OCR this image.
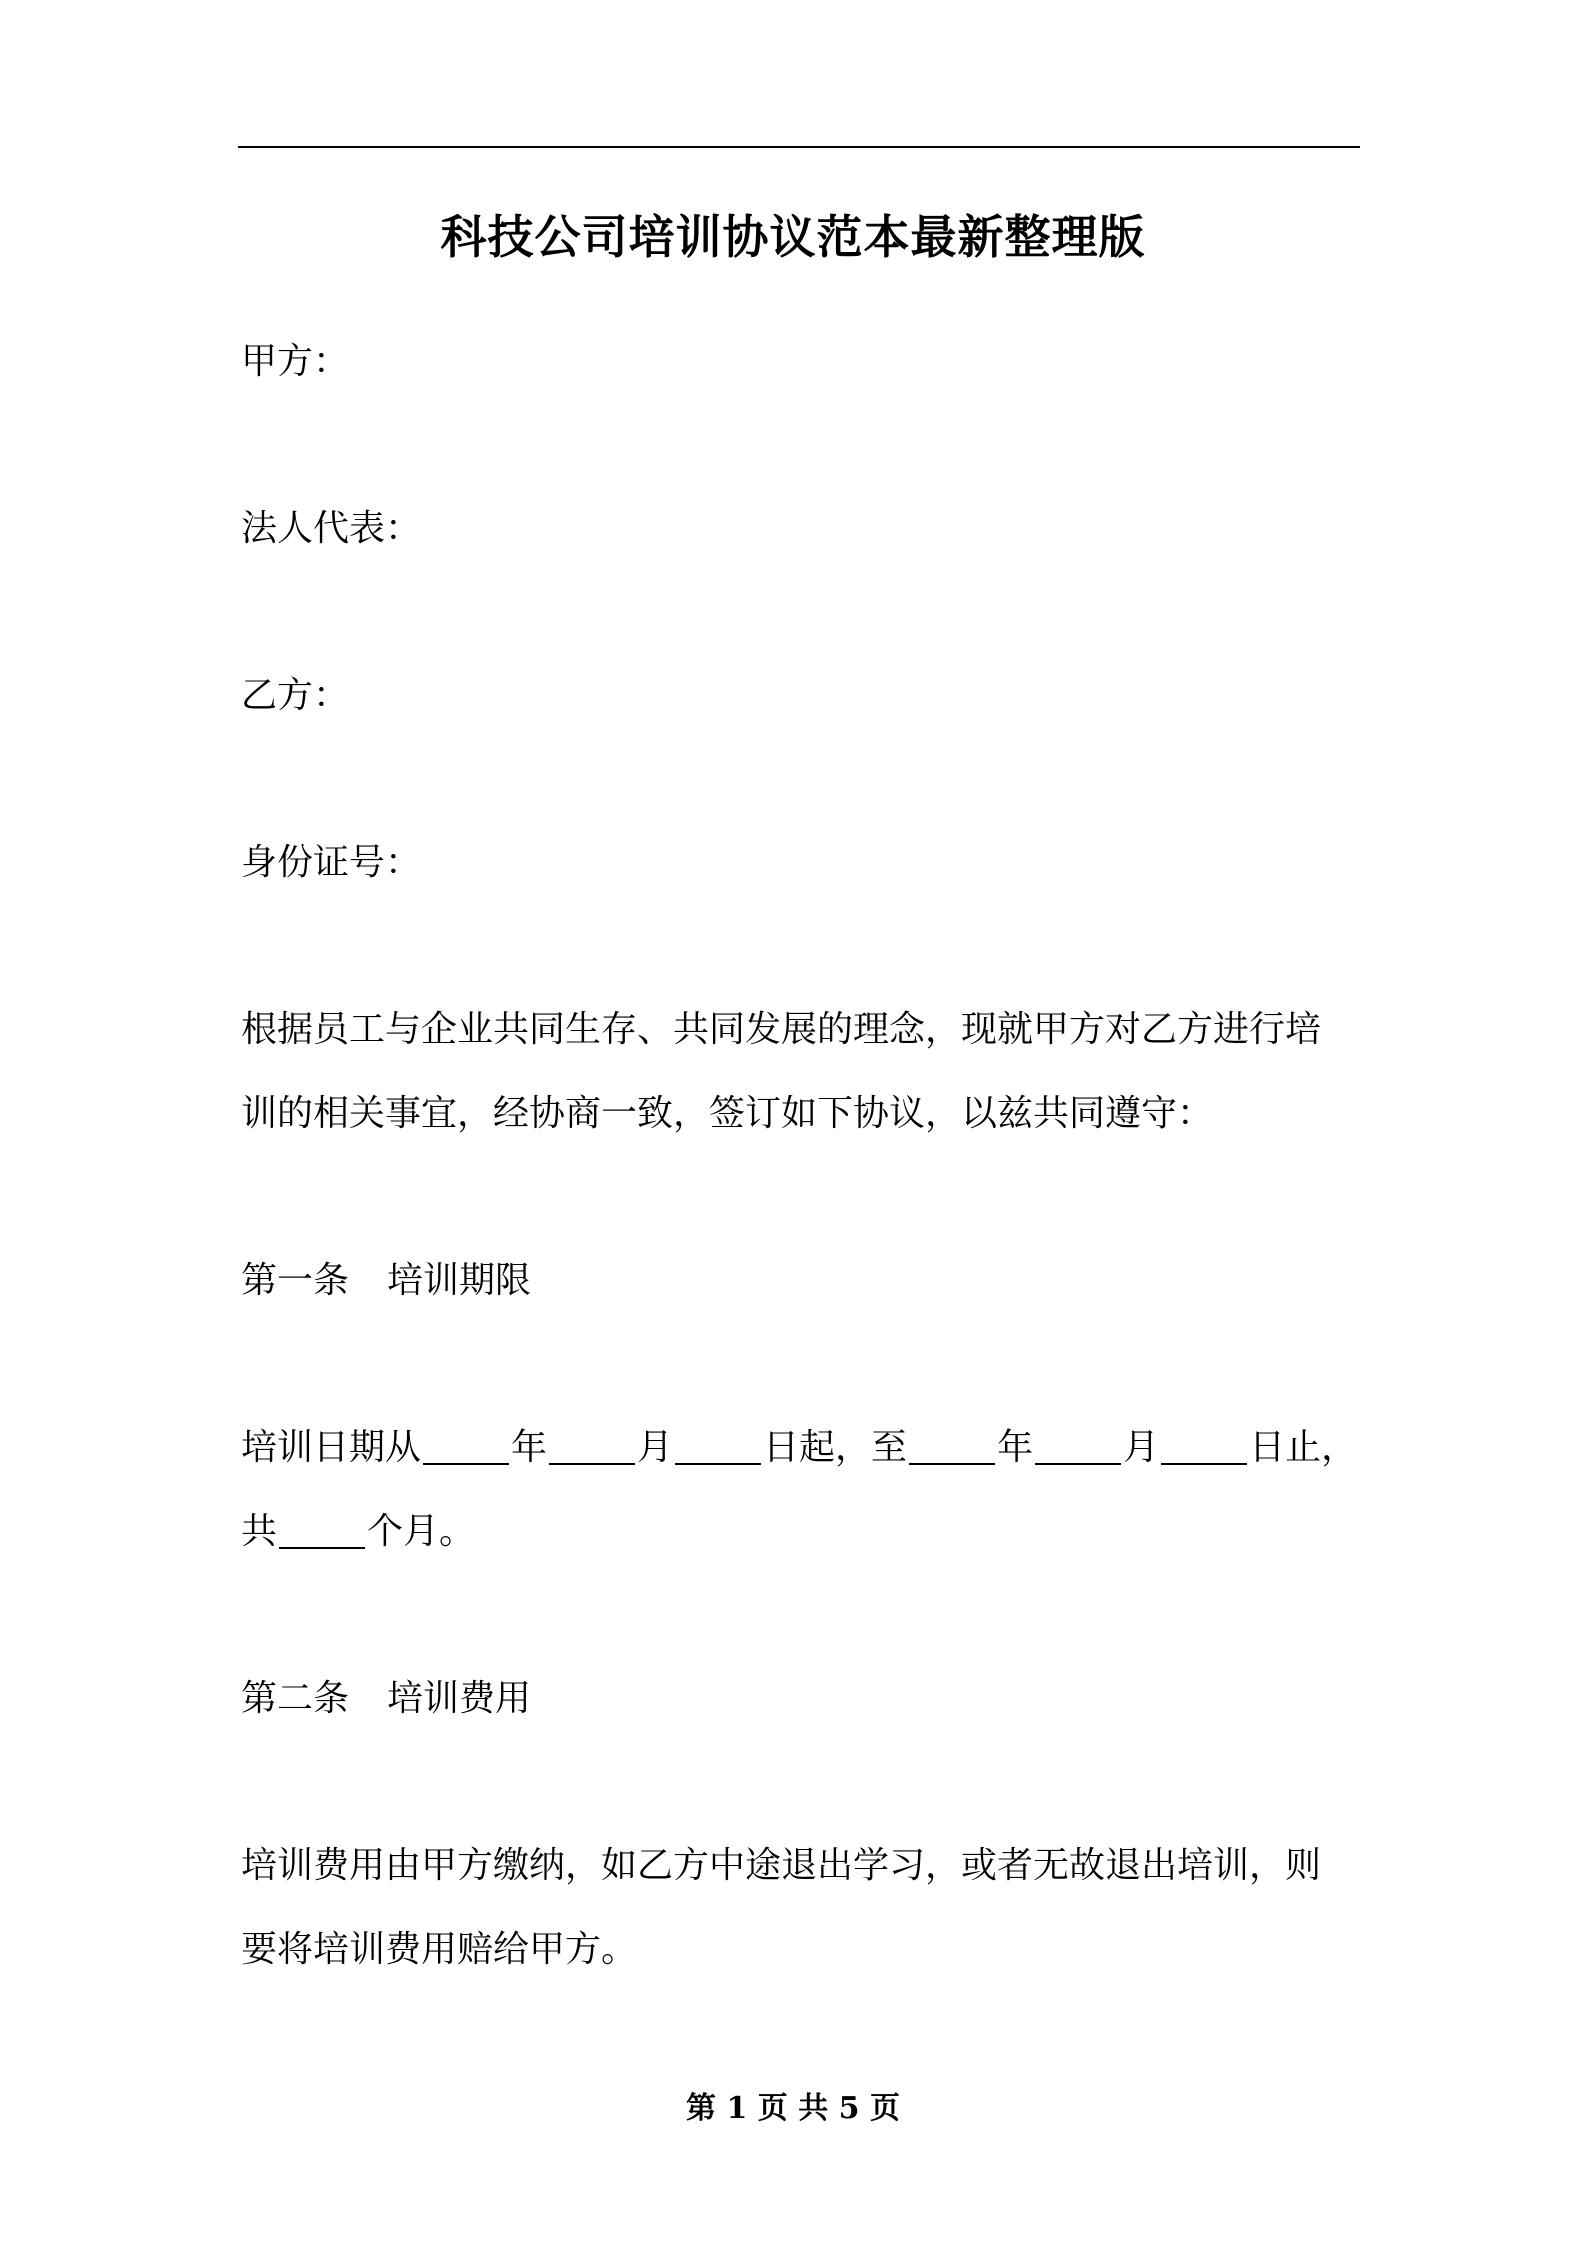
科技公司培训协议范本最新整理版
甲方：
法人代表：
乙方：
身份证号：
根据员工与企业共同生存、共同发展的理念，现就甲方对乙方进行培
训的相关事宜，经协商一致，签订如下协议，以兹共同遵守：
第一条 培训期限
培训日期从	年	月	日起，至	年	月	日止，
共	个月。
第二条 培训费用
培训费用由甲方缴纳，如乙方中途退出学习，或者无故退出培训，则
要将培训费用赔给甲方。
第 1 页 共 5 页
